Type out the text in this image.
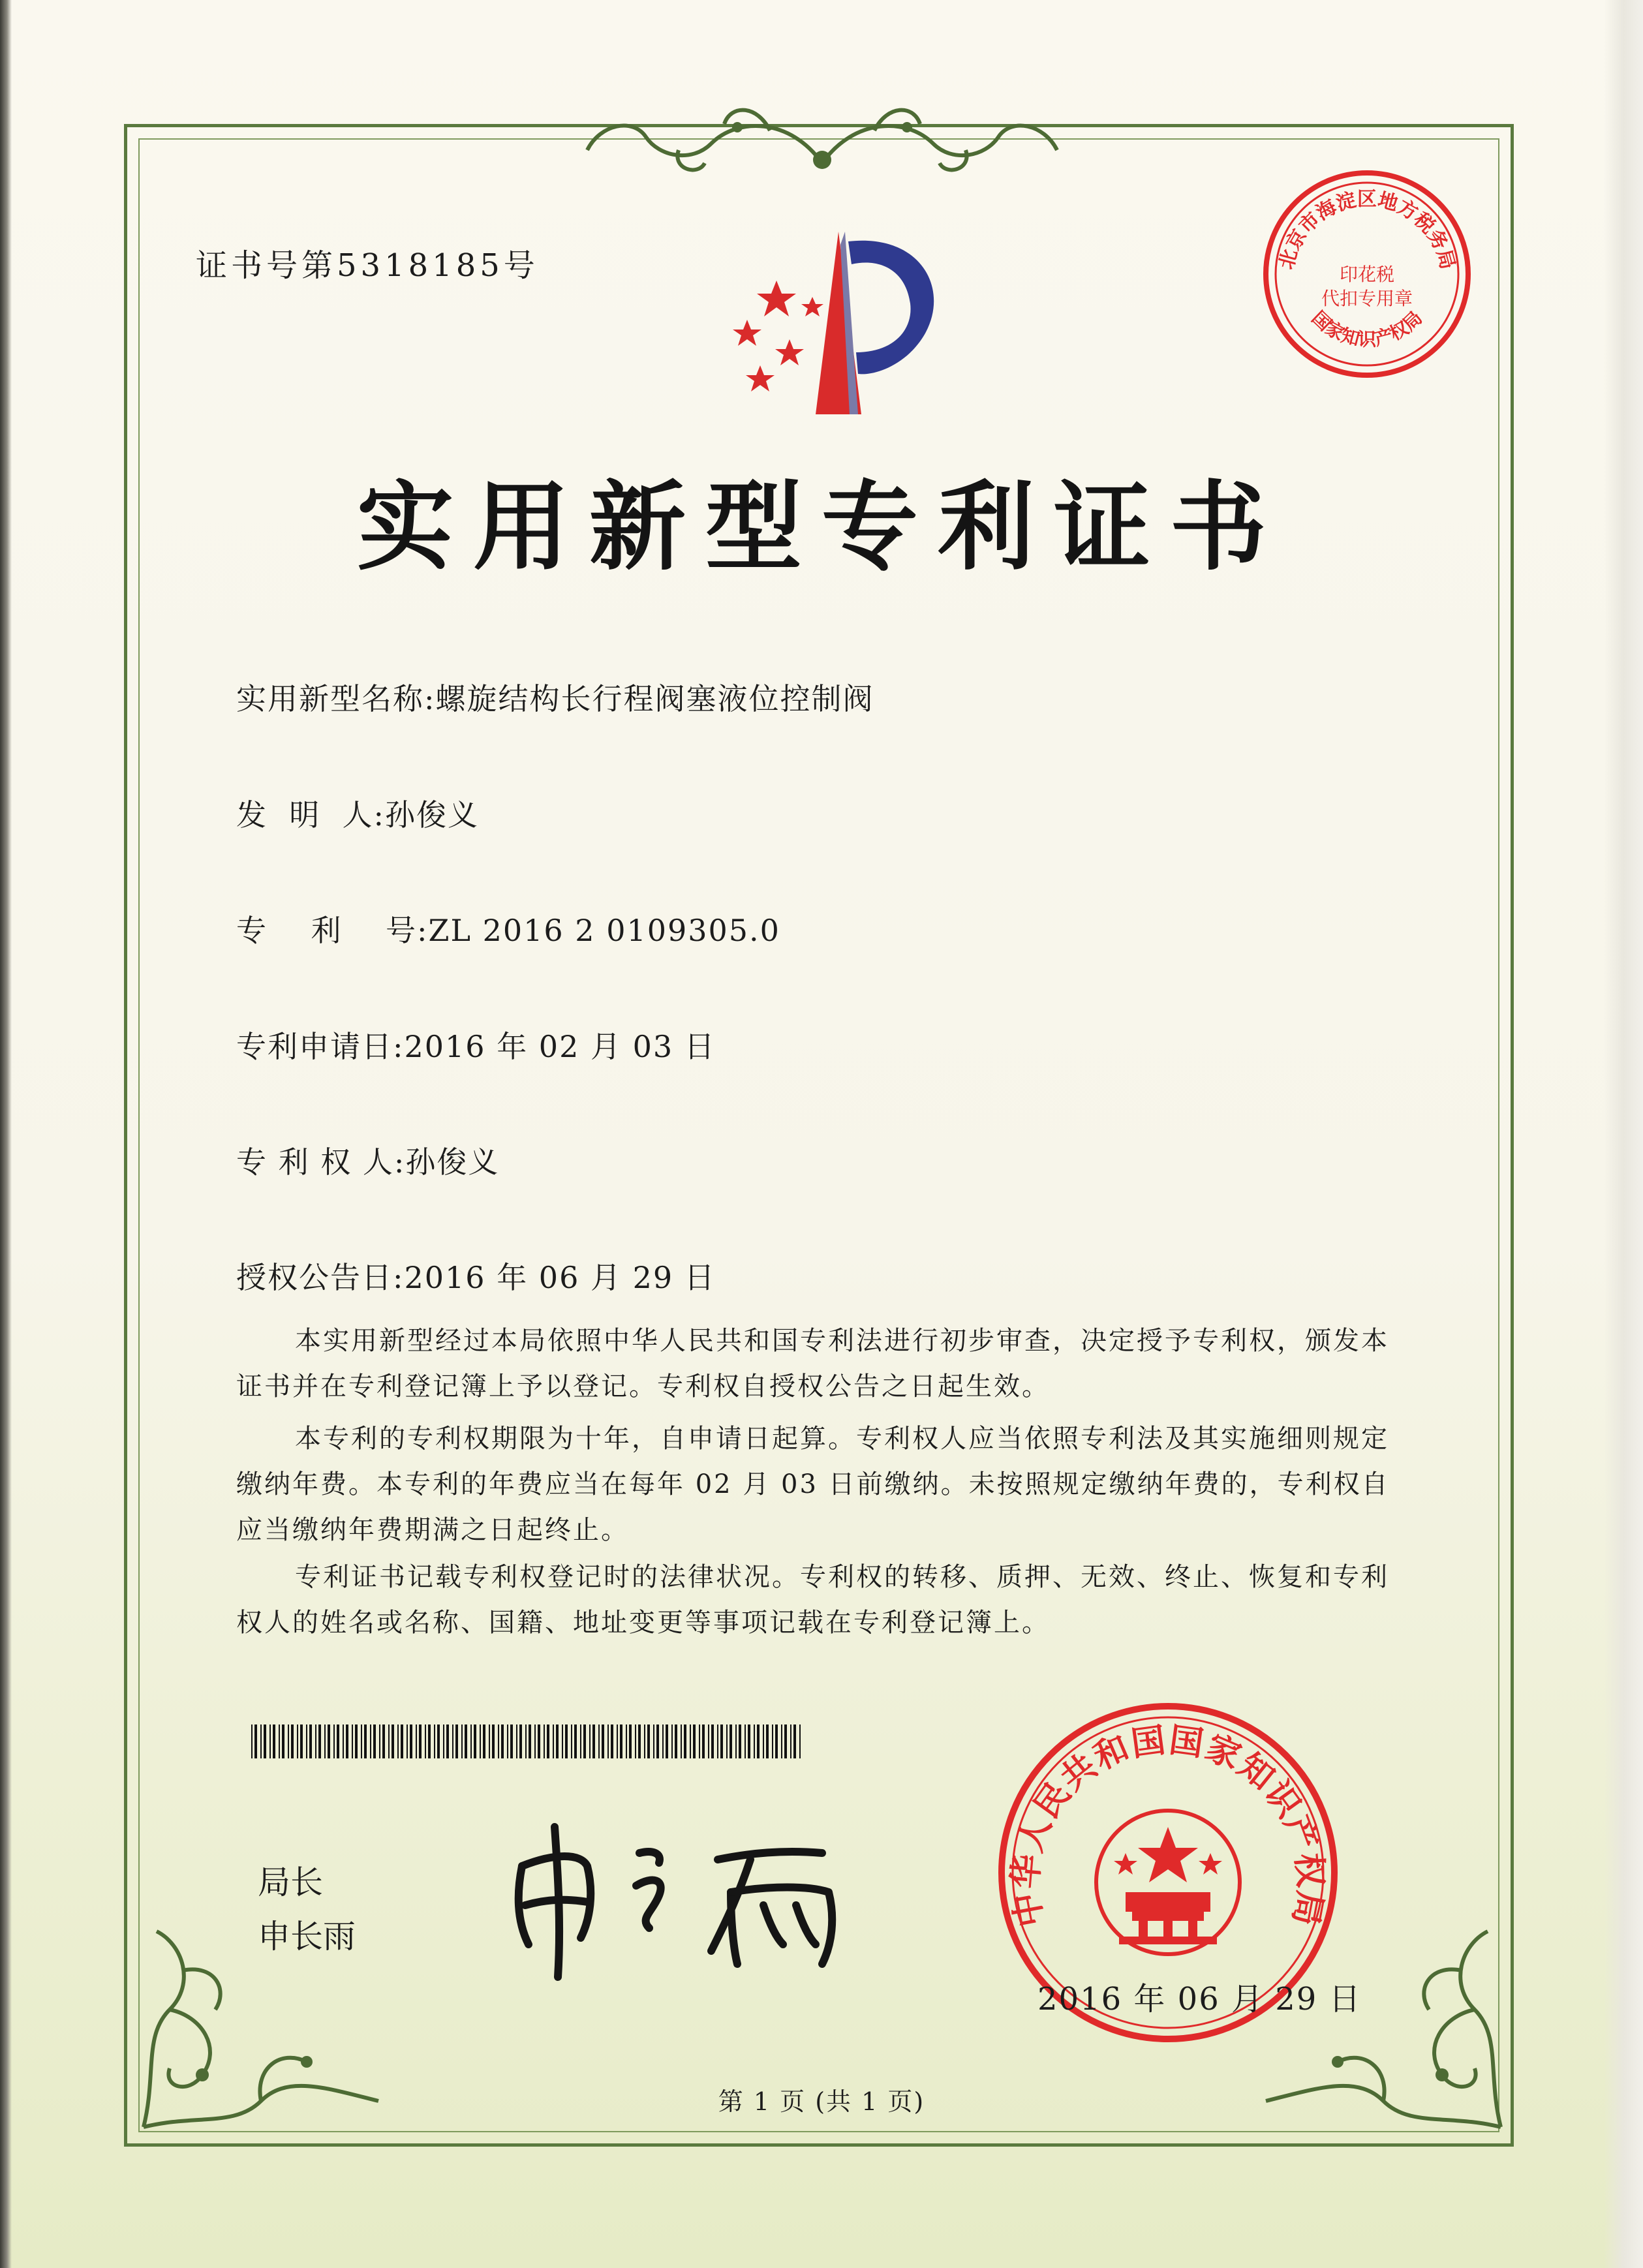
证书号第5318185号	北京市海淀区地方税务局
印花税
代扣专用章
国家知识产权局
实用新型专利证书
实用新型名称:螺旋结构长行程阀塞液位控制阀
发  明  人:孙俊义
专    利    号:ZL 2016 2 0109305.0
专利申请日:2016 年 02 月 03 日
专 利 权 人:孙俊义
授权公告日:2016 年 06 月 29 日
本实用新型经过本局依照中华人民共和国专利法进行初步审查，决定授予专利权，颁发本证书并在专利登记簿上予以登记。专利权自授权公告之日起生效。
本专利的专利权期限为十年，自申请日起算。专利权人应当依照专利法及其实施细则规定缴纳年费。本专利的年费应当在每年 02 月 03 日前缴纳。未按照规定缴纳年费的，专利权自应当缴纳年费期满之日起终止。
专利证书记载专利权登记时的法律状况。专利权的转移、质押、无效、终止、恢复和专利权人的姓名或名称、国籍、地址变更等事项记载在专利登记簿上。
局长
申长雨
中华人民共和国国家知识产权局
2016 年 06 月 29 日
第 1 页 (共 1 页)
